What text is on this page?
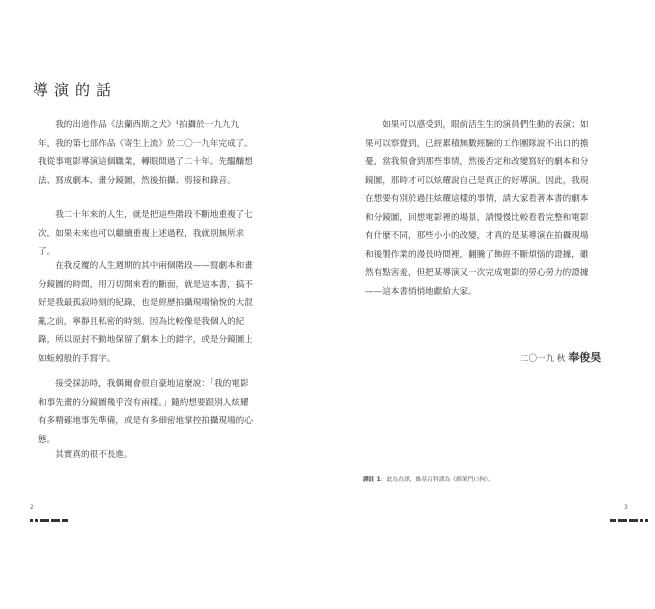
導演的話

我的出道作品《法蘭西斯之犬》¹拍攝於一九九九年，我的第七部作品《寄生上流》於二〇一九年完成了。我從事電影導演這個職業，轉眼間過了二十年。先醞釀想法、寫成劇本、畫分鏡圖，然後拍攝、剪接和錄音。

我二十年來的人生，就是把這些階段不斷地重複了七次。如果未來也可以繼續重複上述過程，我就別無所求了。

在我反覆的人生週期的其中兩個階段——寫劇本和畫分鏡圖的時間，用刀切開來看的斷面，就是這本書，搞不好是我最孤寂時刻的紀錄，也是經歷拍攝現場愉悅的大混亂之前，寧靜且私密的時刻。因為比較像是我個人的紀錄，所以原封不動地保留了劇本上的錯字，或是分鏡圖上如蚯蚓般的手寫字。

接受採訪時，我偶爾會很自豪地這麼說：「我的電影和事先畫的分鏡圖幾乎沒有兩樣。」隨約想要跟別人炫耀有多精確地事先準備，或是有多細密地掌控拍攝現場的心態。

其實真的很不長進。

2

如果可以感受到，眼前活生生的演員們生動的表演；如果可以察覺到，已經累積無數經驗的工作團隊說不出口的擔憂，當我領會到那些事情，然後否定和改變寫好的劇本和分鏡圖，那時才可以炫耀說自己是真正的好導演。因此，我現在想要有別於過往炫耀這樣的事情，請大家看著本書的劇本和分鏡圖，回想電影裡的場景，請慢慢比較看看完整和電影有什麼不同，那些小小的改變，才真的是某導演在拍攝現場和後製作業的漫長時間裡，翻騰了飾經不斷煩惱的證據，雖然有點害羞，但把某導演又一次完成電影的勞心勞力的證據——這本書悄悄地獻給大家。

二〇一九 秋 奉俊昊
譯註 1：此為直譯，維基百科譯為《綁架門口狗》。
3
